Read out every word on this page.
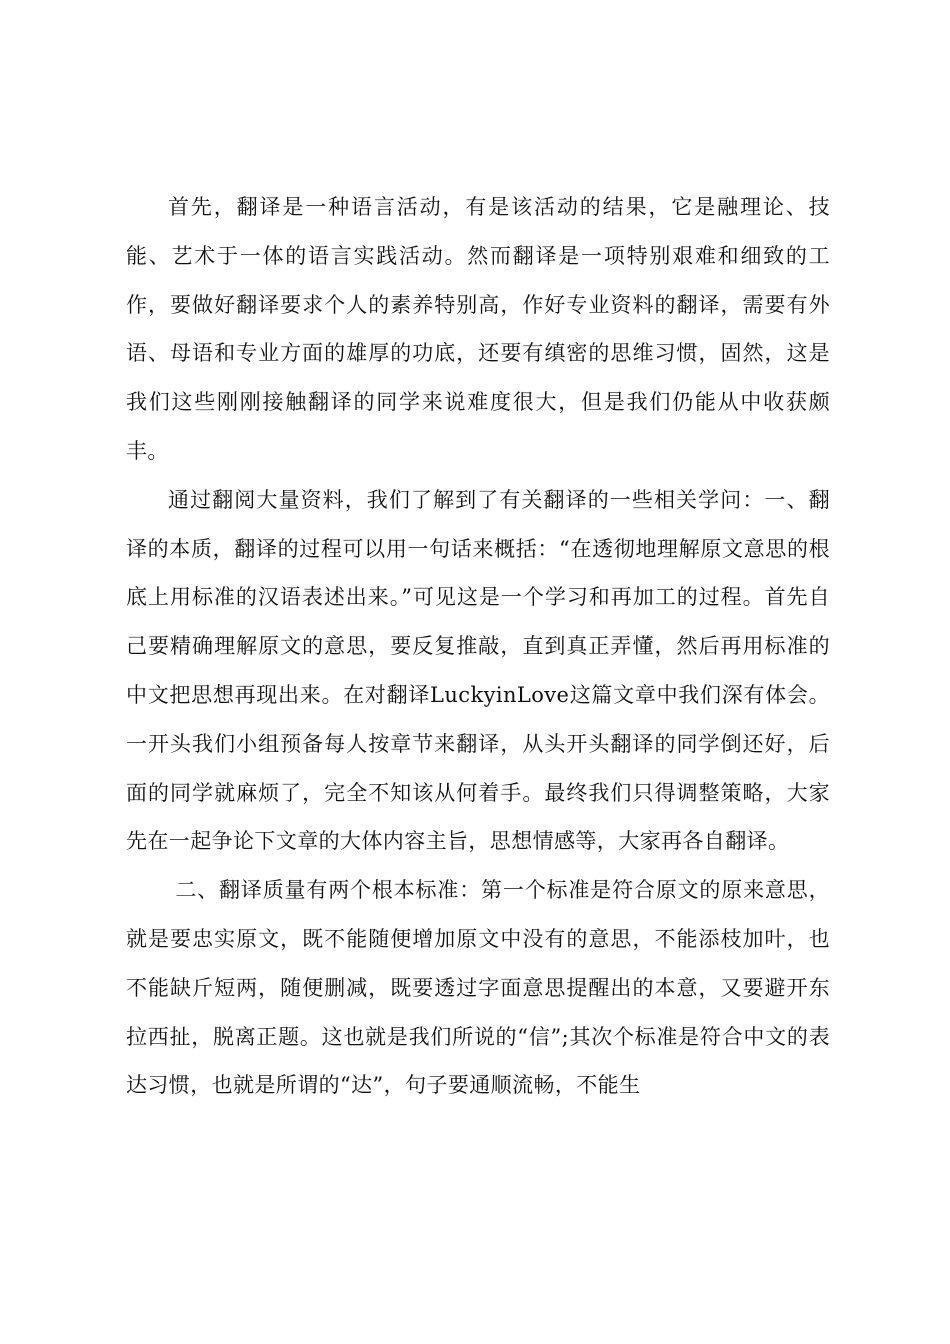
首先，翻译是一种语言活动，有是该活动的结果，它是融理论、技能、艺术于一体的语言实践活动。然而翻译是一项特别艰难和细致的工作，要做好翻译要求个人的素养特别高，作好专业资料的翻译，需要有外语、母语和专业方面的雄厚的功底，还要有缜密的思维习惯，固然，这是我们这些刚刚接触翻译的同学来说难度很大，但是我们仍能从中收获颇丰。

通过翻阅大量资料，我们了解到了有关翻译的一些相关学问：一、翻译的本质，翻译的过程可以用一句话来概括：“在透彻地理解原文意思的根底上用标准的汉语表述出来。”可见这是一个学习和再加工的过程。首先自己要精确理解原文的意思，要反复推敲，直到真正弄懂，然后再用标准的中文把思想再现出来。在对翻译LuckyinLove这篇文章中我们深有体会。一开头我们小组预备每人按章节来翻译，从头开头翻译的同学倒还好，后面的同学就麻烦了，完全不知该从何着手。最终我们只得调整策略，大家先在一起争论下文章的大体内容主旨，思想情感等，大家再各自翻译。

二、翻译质量有两个根本标准：第一个标准是符合原文的原来意思，就是要忠实原文，既不能随便增加原文中没有的意思，不能添枝加叶，也不能缺斤短两，随便删减，既要透过字面意思提醒出的本意，又要避开东拉西扯，脱离正题。这也就是我们所说的“信”;其次个标准是符合中文的表达习惯，也就是所谓的“达”，句子要通顺流畅，不能生
